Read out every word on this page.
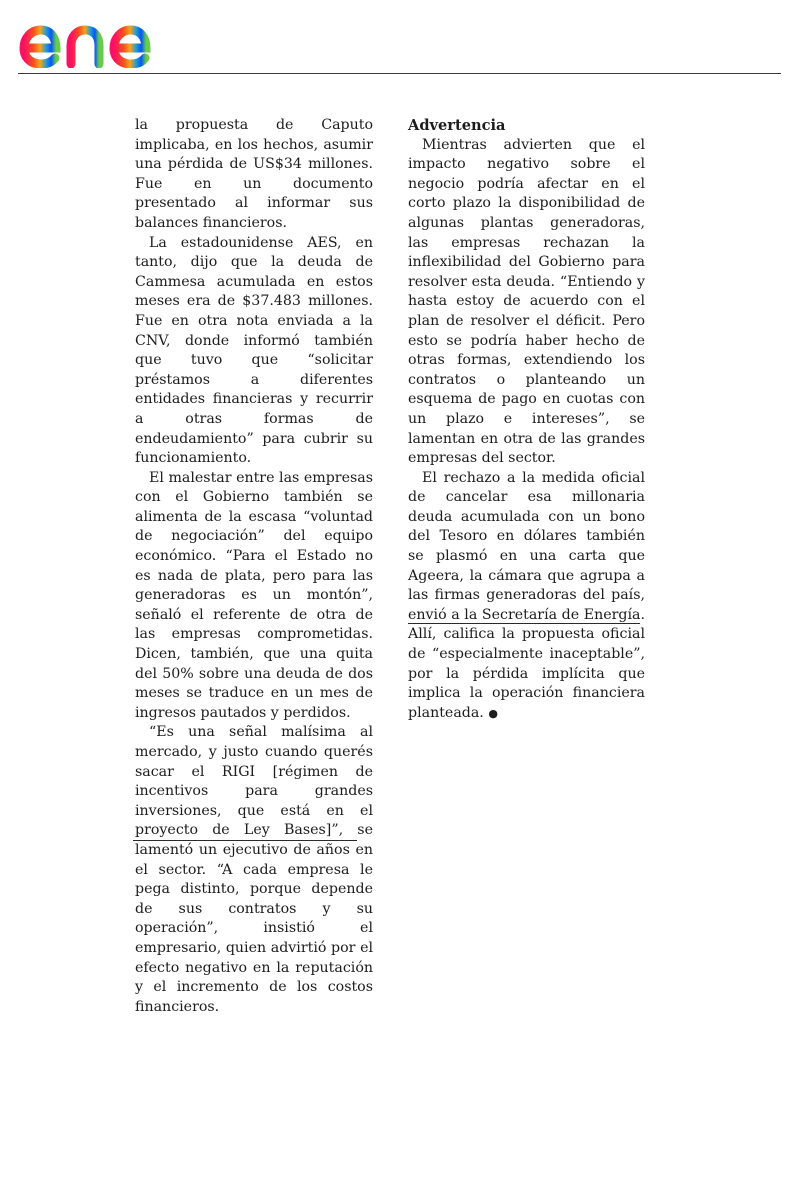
la propuesta de Caputo implicaba, en los hechos, asumir una pérdida de US$34 millones. Fue en un documento presentado al informar sus balances financieros.

La estadounidense AES, en tanto, dijo que la deuda de Cammesa acumulada en estos meses era de $37.483 millones. Fue en otra nota enviada a la CNV, donde informó también que tuvo que “solicitar préstamos a diferentes entidades financieras y recurrir a otras formas de endeudamiento” para cubrir su funcionamiento.

El malestar entre las empresas con el Gobierno también se alimenta de la escasa “voluntad de negociación” del equipo económico. “Para el Estado no es nada de plata, pero para las generadoras es un montón”, señaló el referente de otra de las empresas comprometidas. Dicen, también, que una quita del 50% sobre una deuda de dos meses se traduce en un mes de ingresos pautados y perdidos.

“Es una señal malísima al mercado, y justo cuando querés sacar el RIGI [régimen de incentivos para grandes inversiones, que está en el proyecto de Ley Bases]”, se lamentó un ejecutivo de años en el sector. “A cada empresa le pega distinto, porque depende de sus contratos y su operación”, insistió el empresario, quien advirtió por el efecto negativo en la reputación y el incremento de los costos financieros.

Advertencia

Mientras advierten que el impacto negativo sobre el negocio podría afectar en el corto plazo la disponibilidad de algunas plantas generadoras, las empresas rechazan la inflexibilidad del Gobierno para resolver esta deuda. “Entiendo y hasta estoy de acuerdo con el plan de resolver el déficit. Pero esto se podría haber hecho de otras formas, extendiendo los contratos o planteando un esquema de pago en cuotas con un plazo e intereses”, se lamentan en otra de las grandes empresas del sector.

El rechazo a la medida oficial de cancelar esa millonaria deuda acumulada con un bono del Tesoro en dólares también se plasmó en una carta que Ageera, la cámara que agrupa a las firmas generadoras del país, envió a la Secretaría de Energía. Allí, califica la propuesta oficial de “especialmente inaceptable”, por la pérdida implícita que implica la operación financiera planteada. ●
